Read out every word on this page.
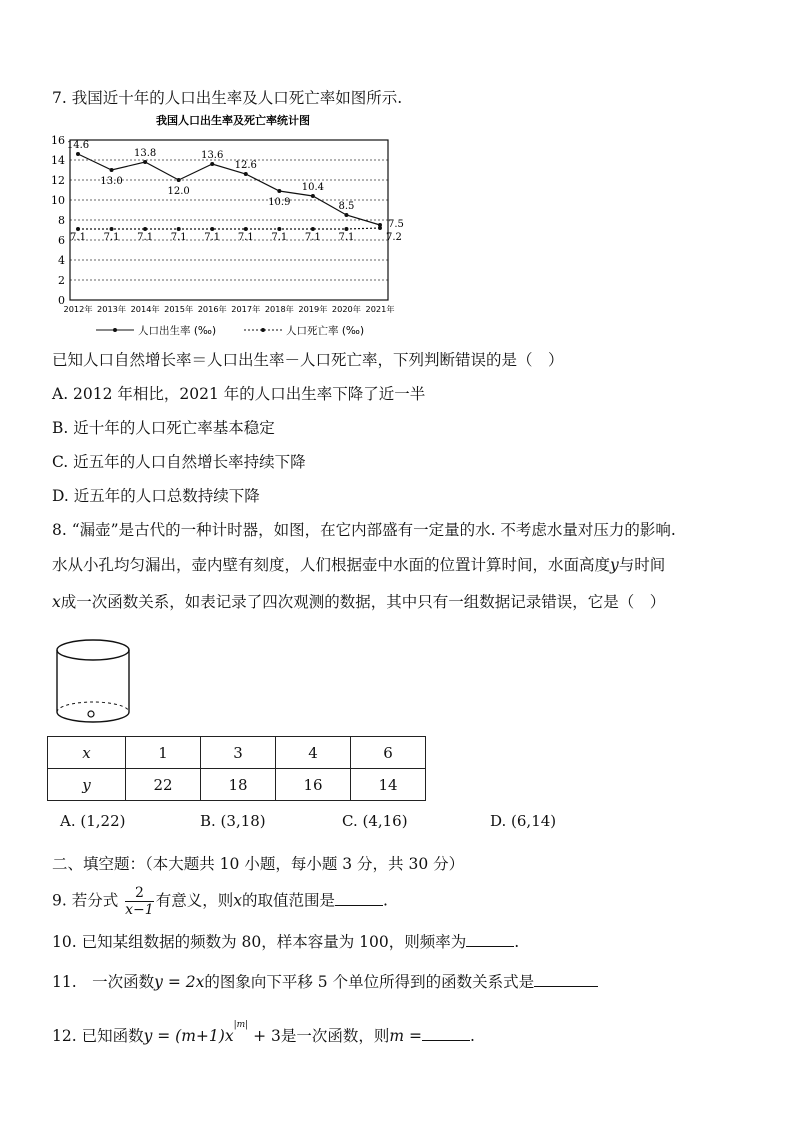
7. 我国近十年的人口出生率及人口死亡率如图所示.
我国人口出生率及死亡率统计图
0
2
4
6
8
10
12
14
16
2012年 2013年 2014年 2015年 2016年 2017年 2018年 2019年 2020年 2021年
14.6
13.0
13.8
12.0
13.6
12.6
10.9
10.4
8.5
7.5
7.1 7.1 7.1 7.1 7.1 7.1 7.1 7.1 7.1	7.2
人口出生率 (‰)	人口死亡率 (‰)
已知人口自然增长率＝人口出生率－人口死亡率，下列判断错误的是（　）
A. 2012 年相比，2021 年的人口出生率下降了近一半
B. 近十年的人口死亡率基本稳定
C. 近五年的人口自然增长率持续下降
D. 近五年的人口总数持续下降
8. “漏壶”是古代的一种计时器，如图，在它内部盛有一定量的水. 不考虑水量对压力的影响.
水从小孔均匀漏出，壶内壁有刻度，人们根据壶中水面的位置计算时间，水面高度y与时间
x成一次函数关系，如表记录了四次观测的数据，其中只有一组数据记录错误，它是（　）
x	1	3	4	6
y	22	18	16	14
A. (1,22)	B. (3,18)	C. (4,16)	D. (6,14)
二、填空题：（本大题共 10 小题，每小题 3 分，共 30 分）
9. 若分式 $\frac{2}{x-1}$ 有意义，则x的取值范围是	.
10. 已知某组数据的频数为 80，样本容量为 100，则频率为	.
11.　一次函数y = 2x的图象向下平移 5 个单位所得到的函数关系式是
12. 已知函数$y = (m+1)x^{|m|} + 3$是一次函数，则m =	.
